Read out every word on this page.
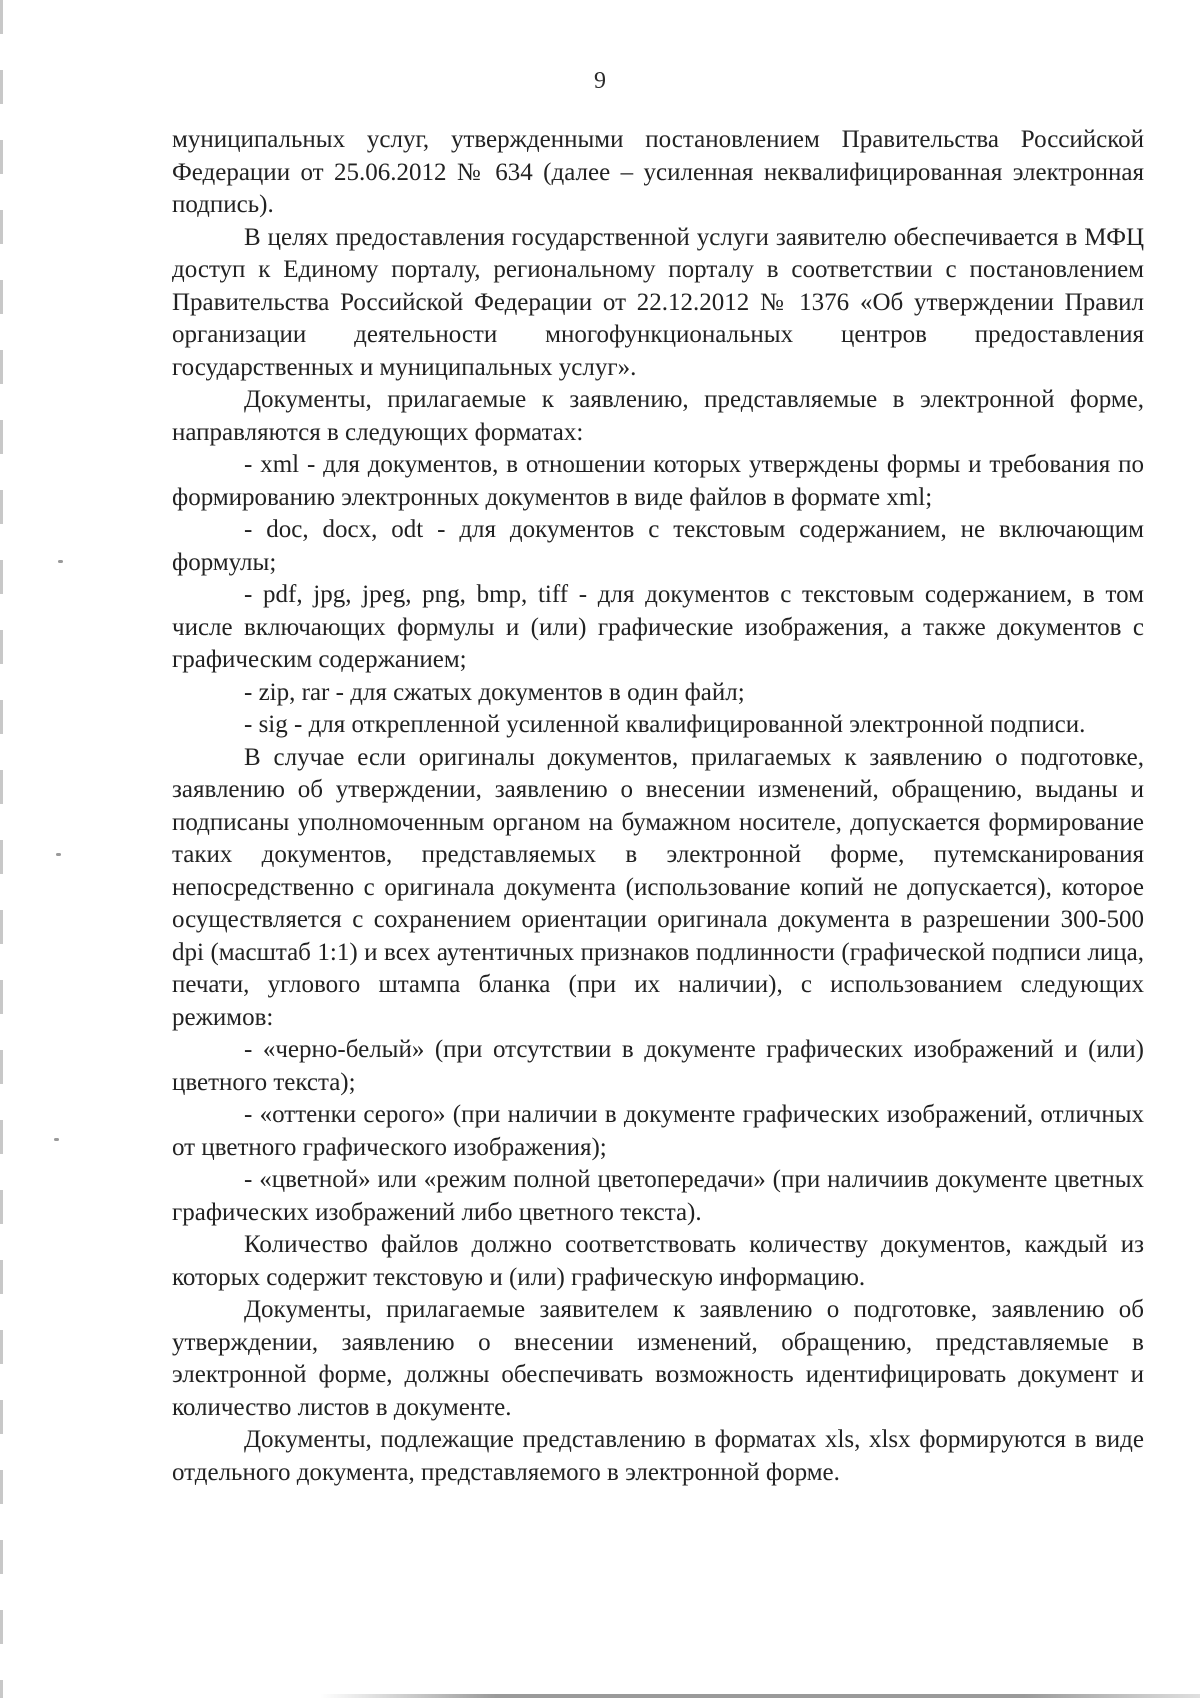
9

муниципальных услуг, утвержденными постановлением Правительства Российской Федерации от 25.06.2012 № 634 (далее – усиленная неквалифицированная электронная подпись).

В целях предоставления государственной услуги заявителю обеспечивается в МФЦ доступ к Единому порталу, региональному порталу в соответствии с постановлением Правительства Российской Федерации от 22.12.2012 № 1376 «Об утверждении Правил организации деятельности многофункциональных центров предоставления государственных и муниципальных услуг».

Документы, прилагаемые к заявлению, представляемые в электронной форме, направляются в следующих форматах:

- xml - для документов, в отношении которых утверждены формы и требования по формированию электронных документов в виде файлов в формате xml;

- doc, docx, odt - для документов с текстовым содержанием, не включающим формулы;

- pdf, jpg, jpeg, png, bmp, tiff - для документов с текстовым содержанием, в том числе включающих формулы и (или) графические изображения, а также документов с графическим содержанием;

- zip, rar - для сжатых документов в один файл;

- sig - для открепленной усиленной квалифицированной электронной подписи.

В случае если оригиналы документов, прилагаемых к заявлению о подготовке, заявлению об утверждении, заявлению о внесении изменений, обращению, выданы и подписаны уполномоченным органом на бумажном носителе, допускается формирование таких документов, представляемых в электронной форме, путемсканирования непосредственно с оригинала документа (использование копий не допускается), которое осуществляется с сохранением ориентации оригинала документа в разрешении 300-500 dpi (масштаб 1:1) и всех аутентичных признаков подлинности (графической подписи лица, печати, углового штампа бланка (при их наличии), с использованием следующих режимов:

- «черно-белый» (при отсутствии в документе графических изображений и (или) цветного текста);

- «оттенки серого» (при наличии в документе графических изображений, отличных от цветного графического изображения);

- «цветной» или «режим полной цветопередачи» (при наличиив документе цветных графических изображений либо цветного текста).

Количество файлов должно соответствовать количеству документов, каждый из которых содержит текстовую и (или) графическую информацию.

Документы, прилагаемые заявителем к заявлению о подготовке, заявлению об утверждении, заявлению о внесении изменений, обращению, представляемые в электронной форме, должны обеспечивать возможность идентифицировать документ и количество листов в документе.

Документы, подлежащие представлению в форматах xls, xlsx формируются в виде отдельного документа, представляемого в электронной форме.
